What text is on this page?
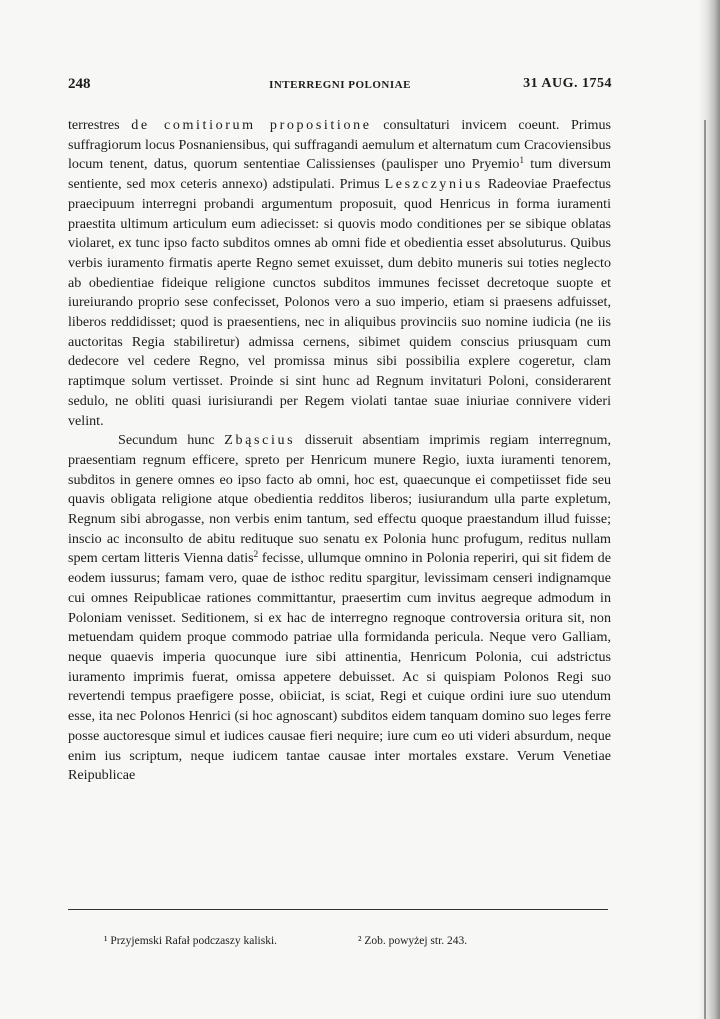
248	INTERREGNI POLONIAE	31 AUG. 1754

terrestres de comitiorum propositione consultaturi invicem coeunt. Primus suffragiorum locus Posnaniensibus, qui suffragandi aemulum et alternatum cum Cracoviensibus locum tenent, datus, quorum sententiae Calissienses (paulisper uno Pryemio$^1$ tum diversum sentiente, sed mox ceteris annexo) adstipulati. Primus Leszczynius Radeoviae Praefectus praecipuum interregni probandi argumentum proposuit, quod Henricus in forma iuramenti praestita ultimum articulum eum adiecisset: si quovis modo conditiones per se sibique oblatas violaret, ex tunc ipso facto subditos omnes ab omni fide et obedientia esset absoluturus. Quibus verbis iuramento firmatis aperte Regno semet exuisset, dum debito muneris sui toties neglecto ab obedientiae fideique religione cunctos subditos immunes fecisset decretoque suopte et iureiurando proprio sese confecisset, Polonos vero a suo imperio, etiam si praesens adfuisset, liberos reddidisset; quod is praesentiens, nec in aliquibus provinciis suo nomine iudicia (ne iis auctoritas Regia stabiliretur) admissa cernens, sibimet quidem conscius priusquam cum dedecore vel cedere Regno, vel promissa minus sibi possibilia explere cogeretur, clam raptimque solum vertisset. Proinde si sint hunc ad Regnum invitaturi Poloni, considerarent sedulo, ne obliti quasi iurisiurandi per Regem violati tantae suae iniuriae connivere videri velint.

Secundum hunc Zbąscius disseruit absentiam imprimis regiam interregnum, praesentiam regnum efficere, spreto per Henricum munere Regio, iuxta iuramenti tenorem, subditos in genere omnes eo ipso facto ab omni, hoc est, quaecunque ei competiisset fide seu quavis obligata religione atque obedientia redditos liberos; iusiurandum ulla parte expletum, Regnum sibi abrogasse, non verbis enim tantum, sed effectu quoque praestandum illud fuisse; inscio ac inconsulto de abitu redituque suo senatu ex Polonia hunc profugum, reditus nullam spem certam litteris Vienna datis$^2$ fecisse, ullumque omnino in Polonia reperiri, qui sit fidem de eodem iussurus; famam vero, quae de isthoc reditu spargitur, levissimam censeri indignamque cui omnes Reipublicae rationes committantur, praesertim cum invitus aegreque admodum in Poloniam venisset. Seditionem, si ex hac de interregno regnoque controversia oritura sit, non metuendam quidem proque commodo patriae ulla formidanda pericula. Neque vero Galliam, neque quaevis imperia quocunque iure sibi attinentia, Henricum Polonia, cui adstrictus iuramento imprimis fuerat, omissa appetere debuisset. Ac si quispiam Polonos Regi suo revertendi tempus praefigere posse, obiiciat, is sciat, Regi et cuique ordini iure suo utendum esse, ita nec Polonos Henrici (si hoc agnoscant) subditos eidem tanquam domino suo leges ferre posse auctoresque simul et iudices causae fieri nequire; iure cum eo uti videri absurdum, neque enim ius scriptum, neque iudicem tantae causae inter mortales exstare. Verum Venetiae Reipublicae

¹ Przyjemski Rafał podczaszy kaliski.	² Zob. powyżej str. 243.
